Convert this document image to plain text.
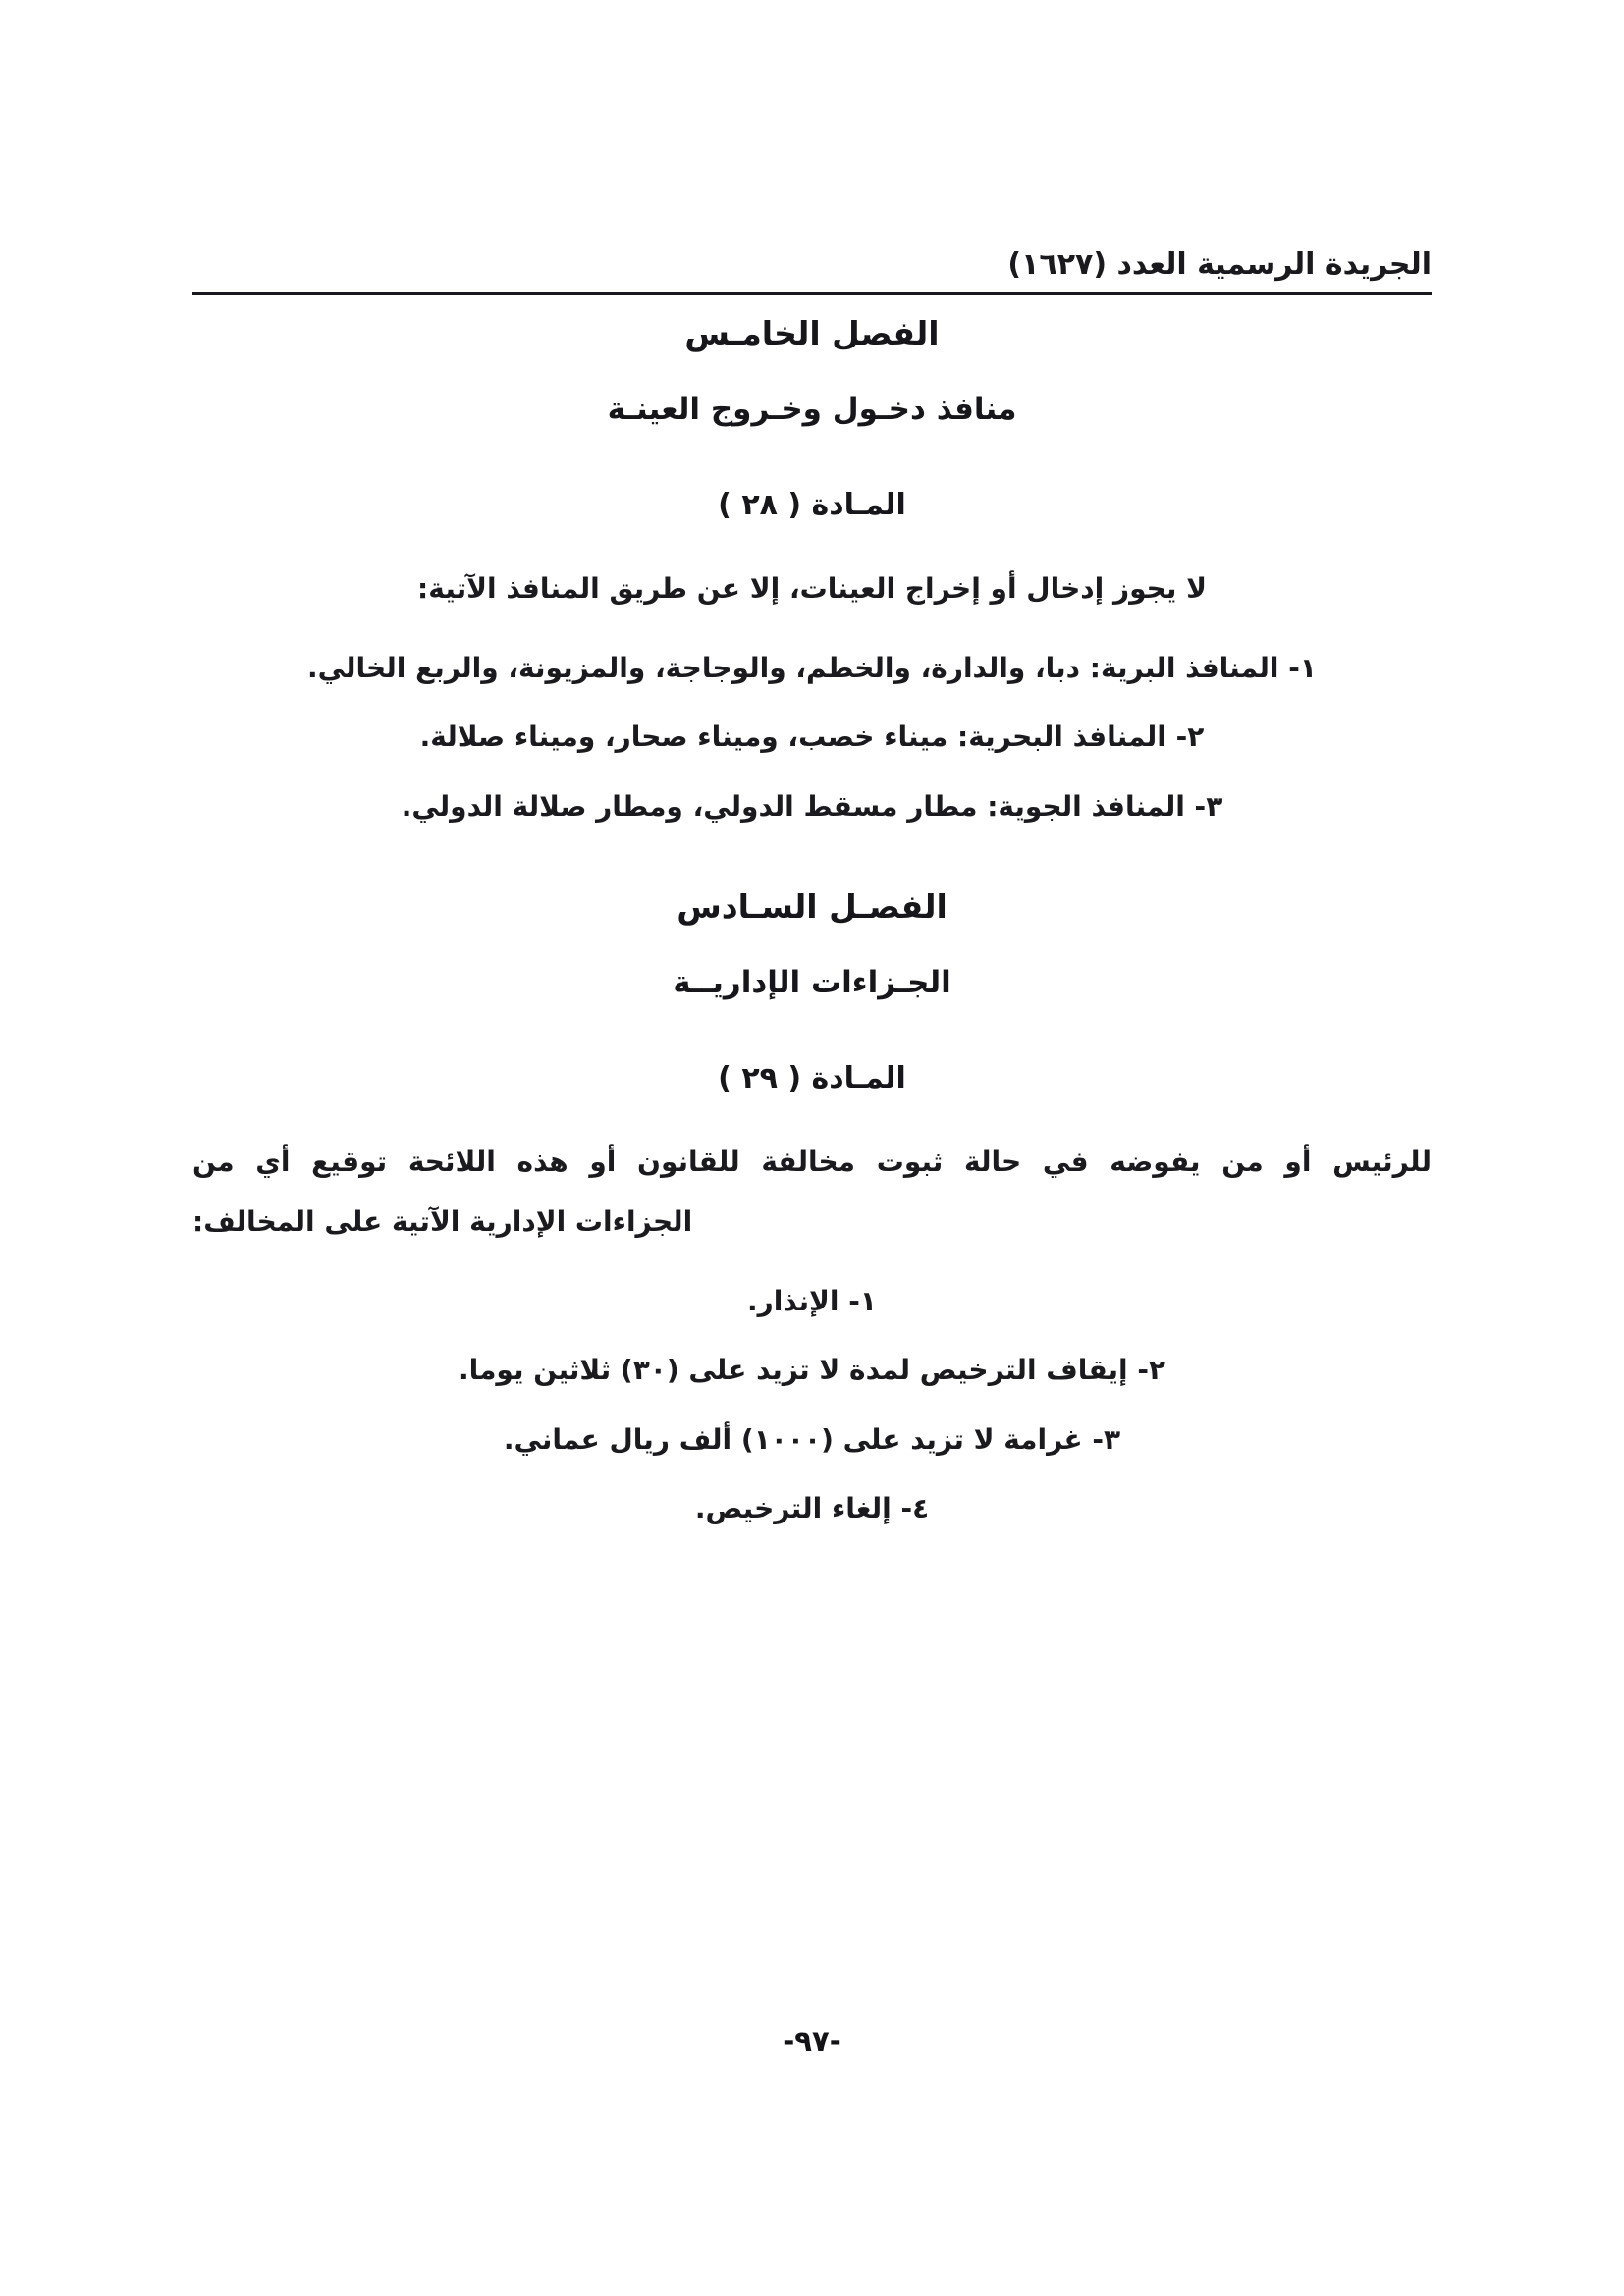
الجريدة الرسمية العدد (١٦٢٧)
الفصل الخامـس
منافذ دخـول وخـروج العينـة
المـادة ( ٢٨ )
لا يجوز إدخال أو إخراج العينات، إلا عن طريق المنافذ الآتية:
١- المنافذ البرية: دبا، والدارة، والخطم، والوجاجة، والمزيونة، والربع الخالي.
٢- المنافذ البحرية: ميناء خصب، وميناء صحار، وميناء صلالة.
٣- المنافذ الجوية: مطار مسقط الدولي، ومطار صلالة الدولي.
الفصـل السـادس
الجـزاءات الإداريــة
المـادة ( ٢٩ )
للرئيس أو من يفوضه في حالة ثبوت مخالفة للقانون أو هذه اللائحة توقيع أي من
الجزاءات الإدارية الآتية على المخالف:
١- الإنذار.
٢- إيقاف الترخيص لمدة لا تزيد على (٣٠) ثلاثين يوما.
٣- غرامة لا تزيد على (١٠٠٠) ألف ريال عماني.
٤- إلغاء الترخيص.
-٩٧-
